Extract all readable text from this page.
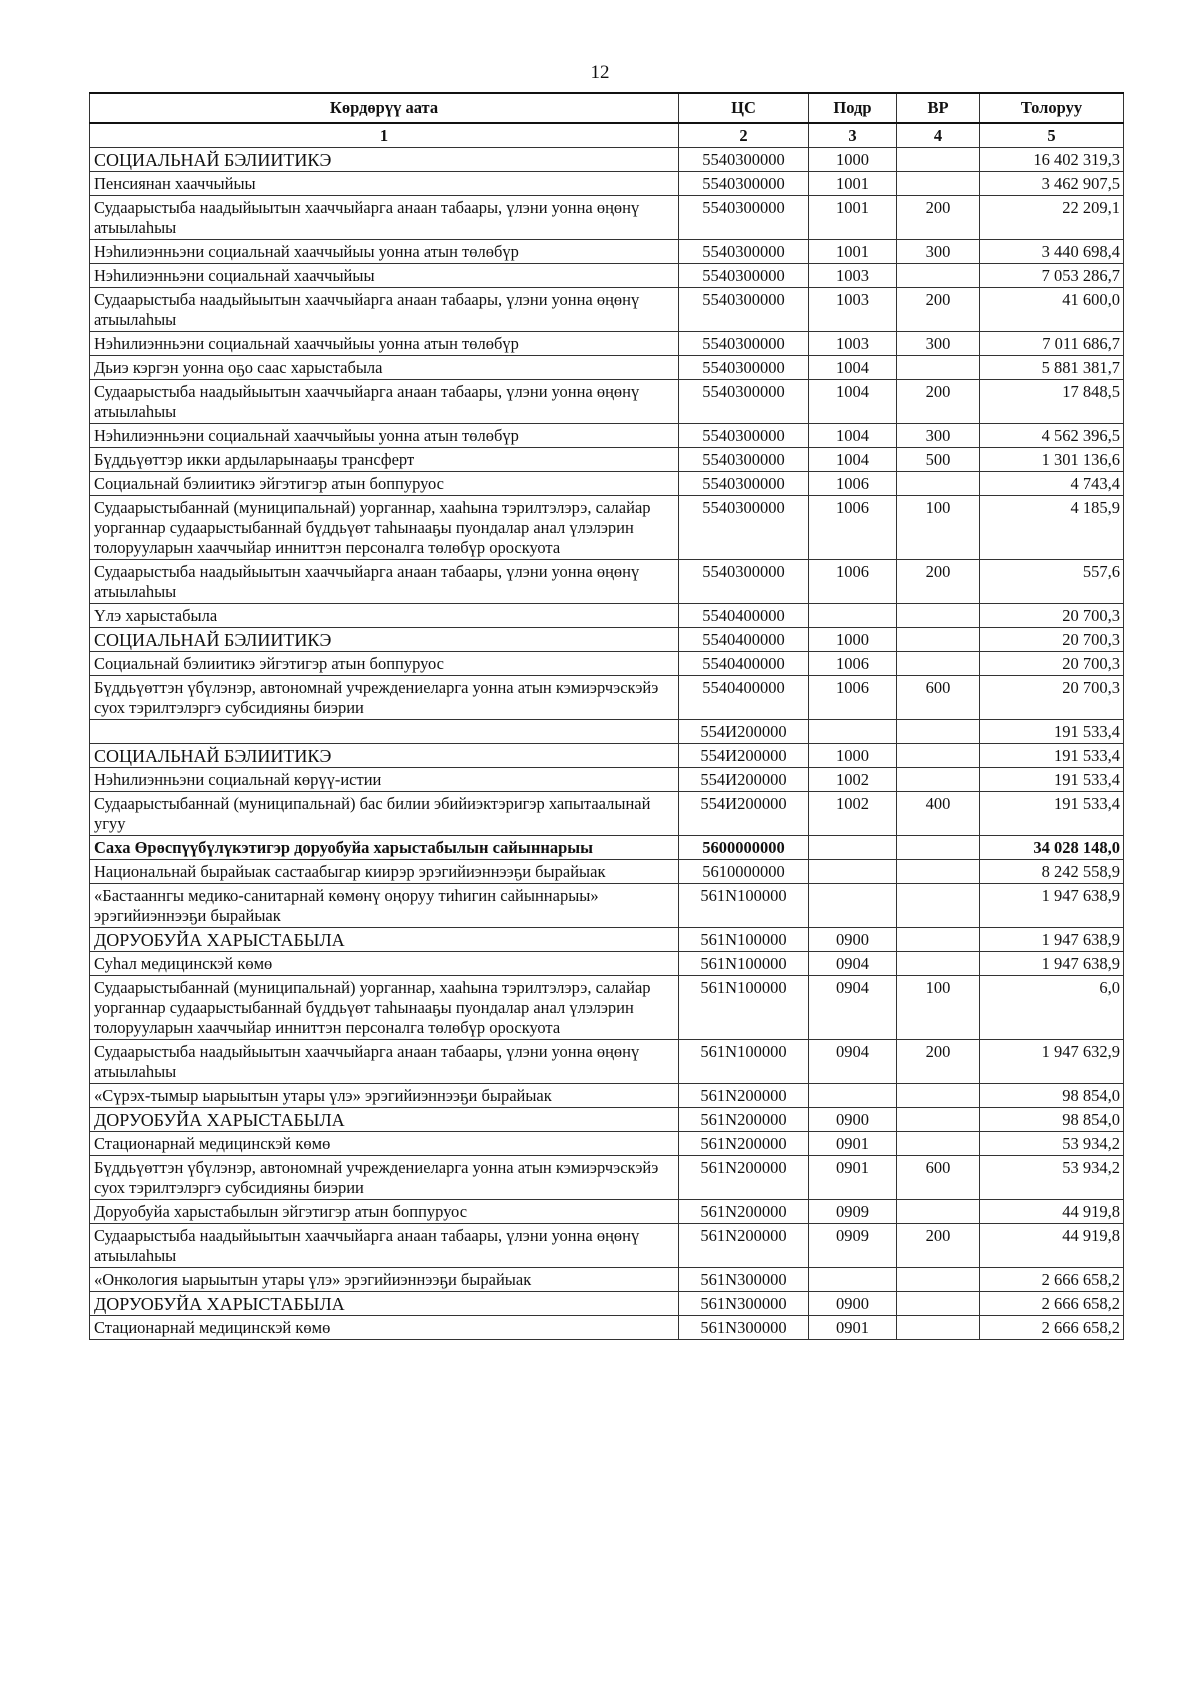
12
Көрдөрүү аата	ЦС	Подр	ВР	Толоруу
1	2	3	4	5
СОЦИАЛЬНАЙ БЭЛИИТИКЭ	5540300000	1000		16 402 319,3
Пенсиянан хааччыйыы	5540300000	1001		3 462 907,5
Судаарыстыба наадыйыытын хааччыйарга анаан табаары, үлэни уонна өңөнү атыылаһыы	5540300000	1001	200	22 209,1
Нэһилиэнньэни социальнай хааччыйыы уонна атын төлөбүр	5540300000	1001	300	3 440 698,4
Нэһилиэнньэни социальнай хааччыйыы	5540300000	1003		7 053 286,7
Судаарыстыба наадыйыытын хааччыйарга анаан табаары, үлэни уонна өңөнү атыылаһыы	5540300000	1003	200	41 600,0
Нэһилиэнньэни социальнай хааччыйыы уонна атын төлөбүр	5540300000	1003	300	7 011 686,7
Дьиэ кэргэн уонна оҕо саас харыстабыла	5540300000	1004		5 881 381,7
Судаарыстыба наадыйыытын хааччыйарга анаан табаары, үлэни уонна өңөнү атыылаһыы	5540300000	1004	200	17 848,5
Нэһилиэнньэни социальнай хааччыйыы уонна атын төлөбүр	5540300000	1004	300	4 562 396,5
Бүддьүөттэр икки ардыларынааҕы трансферт	5540300000	1004	500	1 301 136,6
Социальнай бэлиитикэ эйгэтигэр атын боппуруос	5540300000	1006		4 743,4
Судаарыстыбаннай (муниципальнай) уорганнар, хааһына тэрилтэлэрэ, салайар уорганнар судаарыстыбаннай бүддьүөт таһынааҕы пуондалар анал үлэлэрин толорууларын хааччыйар инниттэн персоналга төлөбүр ороскуота	5540300000	1006	100	4 185,9
Судаарыстыба наадыйыытын хааччыйарга анаан табаары, үлэни уонна өңөнү атыылаһыы	5540300000	1006	200	557,6
Үлэ харыстабыла	5540400000			20 700,3
СОЦИАЛЬНАЙ БЭЛИИТИКЭ	5540400000	1000		20 700,3
Социальнай бэлиитикэ эйгэтигэр атын боппуруос	5540400000	1006		20 700,3
Бүддьүөттэн үбүлэнэр, автономнай учреждениеларга уонна атын кэмиэрчэскэйэ суох тэрилтэлэргэ субсидияны биэрии	5540400000	1006	600	20 700,3
	554И200000			191 533,4
СОЦИАЛЬНАЙ БЭЛИИТИКЭ	554И200000	1000		191 533,4
Нэһилиэнньэни социальнай көрүү-истии	554И200000	1002		191 533,4
Судаарыстыбаннай (муниципальнай) бас билии эбийиэктэригэр хапытаалынай угуу	554И200000	1002	400	191 533,4
Саха Өрөспүүбүлүкэтигэр доруобуйа харыстабылын сайыннарыы	5600000000			34 028 148,0
Национальнай бырайыак састаабыгар киирэр эрэгийиэннээҕи бырайыак	5610000000			8 242 558,9
«Бастааннгы медико-санитарнай көмөнү оңоруу тиһигин сайыннарыы» эрэгийиэннээҕи бырайыак	561N100000			1 947 638,9
ДОРУОБУЙА ХАРЫСТАБЫЛА	561N100000	0900		1 947 638,9
Суһал медицинскэй көмө	561N100000	0904		1 947 638,9
Судаарыстыбаннай (муниципальнай) уорганнар, хааһына тэрилтэлэрэ, салайар уорганнар судаарыстыбаннай бүддьүөт таһынааҕы пуондалар анал үлэлэрин толорууларын хааччыйар инниттэн персоналга төлөбүр ороскуота	561N100000	0904	100	6,0
Судаарыстыба наадыйыытын хааччыйарга анаан табаары, үлэни уонна өңөнү атыылаһыы	561N100000	0904	200	1 947 632,9
«Сүрэх-тымыр ыарыытын утары үлэ» эрэгийиэннээҕи бырайыак	561N200000			98 854,0
ДОРУОБУЙА ХАРЫСТАБЫЛА	561N200000	0900		98 854,0
Стационарнай медицинскэй көмө	561N200000	0901		53 934,2
Бүддьүөттэн үбүлэнэр, автономнай учреждениеларга уонна атын кэмиэрчэскэйэ суох тэрилтэлэргэ субсидияны биэрии	561N200000	0901	600	53 934,2
Доруобуйа харыстабылын эйгэтигэр атын боппуруос	561N200000	0909		44 919,8
Судаарыстыба наадыйыытын хааччыйарга анаан табаары, үлэни уонна өңөнү атыылаһыы	561N200000	0909	200	44 919,8
«Онкология ыарыытын утары үлэ» эрэгийиэннээҕи бырайыак	561N300000			2 666 658,2
ДОРУОБУЙА ХАРЫСТАБЫЛА	561N300000	0900		2 666 658,2
Стационарнай медицинскэй көмө	561N300000	0901		2 666 658,2
